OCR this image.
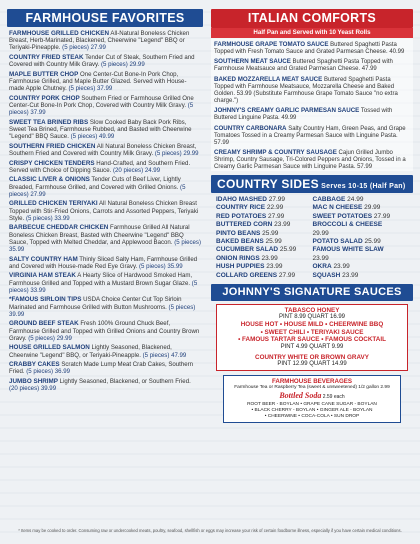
FARMHOUSE FAVORITES
FARMHOUSE GRILLED CHICKEN All-Natural Boneless Chicken Breast, Herb-Marinated, Blackened, Cheerwine "Legend" BBQ or Teriyaki-Pineapple. (5 pieces) 27.99
COUNTRY FRIED STEAK Tender Cut of Steak, Southern Fried and Covered with Country Milk Gravy. (5 pieces) 29.99
MAPLE BUTTER CHOP One Center-Cut Bone-In Pork Chop, Farmhouse Grilled, and Maple Butter Glazed. Served with House-made Apple Chutney. (5 pieces) 37.99
COUNTRY PORK CHOP Southern Fried or Farmhouse Grilled One Center-Cut Bone-In Pork Chop, Covered with Country Milk Gravy. (5 pieces) 37.99
SWEET TEA BRINED RIBS Slow Cooked Baby Back Pork Ribs, Sweet Tea Brined, Farmhouse Rubbed, and Basted with Cheerwine "Legend" BBQ Sauce. (5 pieces) 49.99
SOUTHERN FRIED CHICKEN All Natural Boneless Chicken Breast, Southern Fried and Covered with Country Milk Gravy. (5 pieces) 29.99
CRISPY CHICKEN TENDERS Hand-Crafted, and Southern Fried. Served with Choice of Dipping Sauce. (20 pieces) 24.99
CLASSIC LIVER & ONIONS Tender Cuts of Beef Liver, Lightly Breaded, Farmhouse Grilled, and Covered with Grilled Onions. (5 pieces) 27.99
GRILLED CHICKEN TERIYAKI All Natural Boneless Chicken Breast Topped with Stir-Fried Onions, Carrots and Assorted Peppers, Teriyaki Style. (5 pieces) 33.99
BARBECUE CHEDDAR CHICKEN Farmhouse Grilled All Natural Boneless Chicken Breast, Basted with Cheerwine "Legend" BBQ Sauce, Topped with Melted Cheddar, and Applewood Bacon. (5 pieces) 35.99
SALTY COUNTRY HAM Thinly Sliced Salty Ham, Farmhouse Grilled and Covered with House-made Red Eye Gravy. (5 pieces) 35.99
VIRGINIA HAM STEAK A Hearty Slice of Hardwood Smoked Ham, Farmhouse Grilled and Topped with a Mustard Brown Sugar Glaze. (5 pieces) 33.99
*FAMOUS SIRLOIN TIPS USDA Choice Center Cut Top Sirloin Marinated and Farmhouse Grilled with Button Mushrooms. (5 pieces) 39.99
GROUND BEEF STEAK Fresh 100% Ground Chuck Beef, Farmhouse Grilled and Topped with Grilled Onions and Country Brown Gravy. (5 pieces) 29.99
HOUSE GRILLED SALMON Lightly Seasoned, Blackened, Cheerwine "Legend" BBQ, or Teriyaki-Pineapple. (5 pieces) 47.99
CRABBY CAKES Scratch Made Lump Meat Crab Cakes, Southern Fried. (5 pieces) 36.99
JUMBO SHRIMP Lightly Seasoned, Blackened, or Southern Fried. (20 pieces) 39.99
ITALIAN COMFORTS
Half Pan and Served with 10 Yeast Rolls
FARMHOUSE GRAPE TOMATO SAUCE Buttered Spaghetti Pasta Topped with Fresh Tomato Sauce and Grated Parmesan Cheese. 40.99
SOUTHERN MEAT SAUCE Buttered Spaghetti Pasta Topped with Farmhouse Meatsauce and Grated Parmesan Cheese. 47.99
BAKED MOZZARELLA MEAT SAUCE Buttered Spaghetti Pasta Topped with Farmhouse Meatsauce, Mozzarella Cheese and Baked Golden. 53.99 (Substitute Farmhouse Grape Tomato Sauce "no extra charge.")
JOHNNY'S CREAMY GARLIC PARMESAN SAUCE Tossed with Buttered Linguine Pasta. 49.99
COUNTRY CARBONARA Salty Country Ham, Green Peas, and Grape Tomatoes Tossed in a Creamy Parmesan Sauce with Linguine Pasta. 57.99
CREAMY SHRIMP & COUNTRY SAUSAGE Cajun Grilled Jumbo Shrimp, Country Sausage, Tri-Colored Peppers and Onions, Tossed in a Creamy Garlic Parmesan Sauce with Linguine Pasta. 57.99
COUNTRY SIDES Serves 10-15 (Half Pan)
IDAHO MASHED 27.99
COUNTRY RICE 22.99
RED POTATOES 27.99
BUTTERED CORN 23.99
PINTO BEANS 25.99
BAKED BEANS 25.99
CUCUMBER SALAD 25.99
ONION RINGS 23.99
HUSH PUPPIES 23.99
COLLARD GREENS 27.99
CABBAGE 24.99
MAC N CHEESE 29.99
SWEET POTATOES 27.99
BROCCOLI & CHEESE
29.99
POTATO SALAD 25.99
FAMOUS WHITE SLAW
23.99
OKRA 23.99
SQUASH 23.99
JOHNNY'S SIGNATURE SAUCES
TABASCO HONEY
PINT 8.99 QUART 16.99
HOUSE HOT • HOUSE MILD • CHEERWINE BBQ
• SWEET CHILI • TERIYAKI SAUCE
• FAMOUS TARTAR SAUCE • FAMOUS COCKTAIL
PINT 4.99 QUART 9.99
COUNTRY WHITE OR BROWN GRAVY
PINT 12.99 QUART 14.99
FARMHOUSE BEVERAGES
Farmhouse Tea or Raspberry Tea (sweet & unsweetened) 1/2 gallon 2.99
Bottled Soda 2.59 each
ROOT BEER - BOYLAN • GRAPE CANE SUGAR - BOYLAN
• BLACK CHERRY - BOYLAN • GINGER ALE - BOYLAN
• CHEERWINE • COCA-COLA • SUN DROP
* Items may be cooked to order. Consuming raw or undercooked meats, poultry, seafood, shellfish or eggs may increase your risk of certain foodborne illness, especially if you have certain medical conditions.
